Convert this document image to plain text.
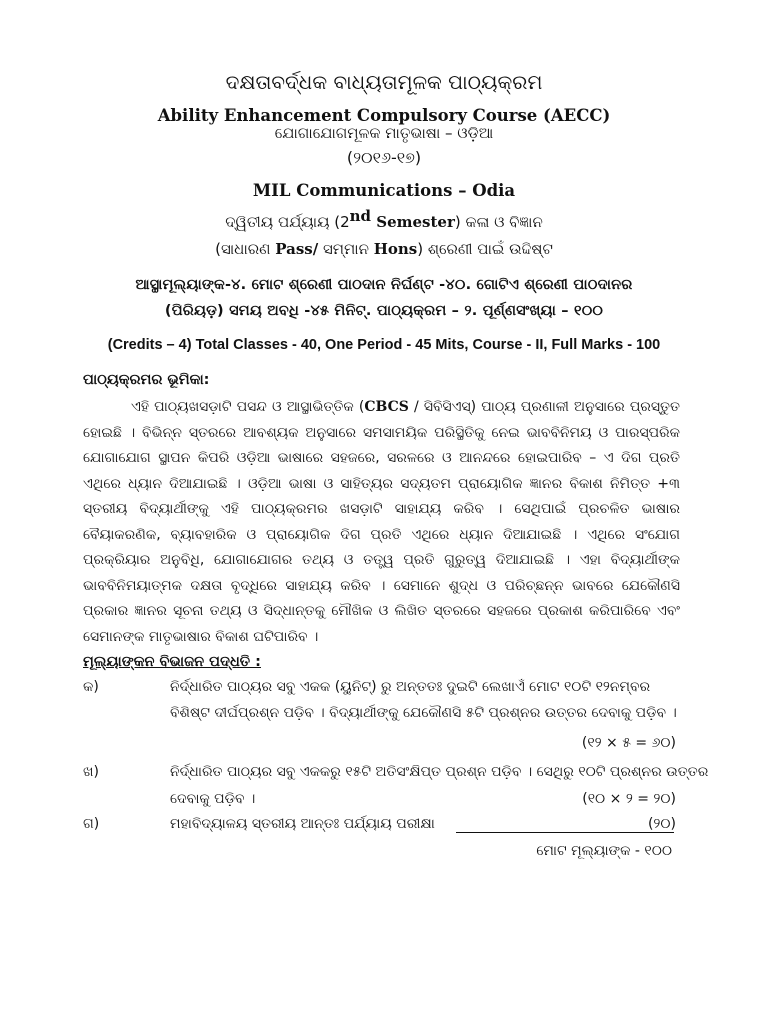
ଦକ୍ଷତାବର୍ଦ୍ଧକ ବାଧ୍ୟତାମୂଳକ ପାଠ୍ୟକ୍ରମ
Ability Enhancement Compulsory Course (AECC)
ଯୋଗାଯୋଗମୂଳକ ମାତୃଭାଷା – ଓଡ଼ିଆ
(୨୦୧୬-୧୭)
MIL Communications – Odia
ଦ୍ୱିତୀୟ ପର୍ଯ୍ୟାୟ (2nd Semester) କଳା ଓ ବିଜ୍ଞାନ
(ସାଧାରଣ Pass/ ସମ୍ମାନ Hons) ଶ୍ରେଣୀ ପାଇଁ ଉଦ୍ଦିଷ୍ଟ
ଆସ୍ଥାମୂଲ୍ୟାଙ୍କ-୪. ମୋଟ ଶ୍ରେଣୀ ପାଠଦାନ ନିର୍ଘଣ୍ଟ -୪୦. ଗୋଟିଏ ଶ୍ରେଣୀ ପାଠଦାନର
(ପିରିୟଡ଼) ସମୟ ଅବଧି -୪୫ ମିନିଟ୍. ପାଠ୍ୟକ୍ରମ – ୨. ପୂର୍ଣ୍ଣସଂଖ୍ୟା – ୧୦୦
(Credits – 4) Total Classes - 40, One Period - 45 Mits, Course - II, Full Marks - 100
ପାଠ୍ୟକ୍ରମର ଭୂମିକା:
ଏହି ପାଠ୍ୟଖସଡ଼ାଟି ପସନ୍ଦ ଓ ଆସ୍ଥାଭିତ୍ତିକ (CBCS / ସିବିସିଏସ୍) ପାଠ୍ୟ ପ୍ରଣାଳୀ ଅନୁସାରେ ପ୍ରସ୍ତୁତ ହୋଇଛି । ବିଭିନ୍ନ ସ୍ତରରେ ଆବଶ୍ୟକ ଅନୁସାରେ ସମସାମୟିକ ପରିସ୍ଥିତିକୁ ନେଇ ଭାବବିନିମୟ ଓ ପାରସ୍ପରିକ ଯୋଗାଯୋଗ ସ୍ଥାପନ କିପରି ଓଡ଼ିଆ ଭାଷାରେ ସହଜରେ, ସରଳରେ ଓ ଆନନ୍ଦରେ ହୋଇପାରିବ – ଏ ଦିଗ ପ୍ରତି ଏଥିରେ ଧ୍ୟାନ ଦିଆଯାଇଛି । ଓଡ଼ିଆ ଭାଷା ଓ ସାହିତ୍ୟର ସଦ୍ୟତମ ପ୍ରାୟୋଗିକ ଜ୍ଞାନର ବିକାଶ ନିମିତ୍ତ +୩ ସ୍ତରୀୟ ବିଦ୍ୟାର୍ଥୀଙ୍କୁ ଏହି ପାଠ୍ୟକ୍ରମର ଖସଡ଼ାଟି ସାହାଯ୍ୟ କରିବ । ସେଥିପାଇଁ ପ୍ରଚଳିତ ଭାଷାର ବୈୟାକରଣିକ, ବ୍ୟାବହାରିକ ଓ ପ୍ରାୟୋଗିକ ଦିଗ ପ୍ରତି ଏଥିରେ ଧ୍ୟାନ ଦିଆଯାଇଛି । ଏଥିରେ ସଂଯୋଗ ପ୍ରକ୍ରିୟାର ଅନୁବିଧି, ଯୋଗାଯୋଗର ତଥ୍ୟ ଓ ତତ୍ତ୍ୱ ପ୍ରତି ଗୁରୁତ୍ୱ ଦିଆଯାଇଛି । ଏହା ବିଦ୍ୟାର୍ଥୀଙ୍କ ଭାବବିନିମୟାତ୍ମକ ଦକ୍ଷତା ବୃଦ୍ଧିରେ ସାହାଯ୍ୟ କରିବ । ସେମାନେ ଶୁଦ୍ଧ ଓ ପରିଚ୍ଛନ୍ନ ଭାବରେ ଯେକୌଣସି ପ୍ରକାର ଜ୍ଞାନର ସୂଚନା ତଥ୍ୟ ଓ ସିଦ୍ଧାନ୍ତକୁ ମୌଖିକ ଓ ଲିଖିତ ସ୍ତରରେ ସହଜରେ ପ୍ରକାଶ କରିପାରିବେ ଏବଂ ସେମାନଙ୍କ ମାତୃଭାଷାର ବିକାଶ ଘଟିପାରିବ ।
ମୂଲ୍ୟାଙ୍କନ ବିଭାଜନ ପଦ୍ଧତି :
କ)	ନିର୍ଦ୍ଧାରିତ ପାଠ୍ୟର ସବୁ ଏକକ (ୟୁନିଟ୍) ରୁ ଅନ୍ତତଃ ଦୁଇଟି ଲେଖାଏଁ ମୋଟ ୧୦ଟି ୧୨ନମ୍ବର
ବିଶିଷ୍ଟ ଦୀର୍ଘପ୍ରଶ୍ନ ପଡ଼ିବ । ବିଦ୍ୟାର୍ଥୀଙ୍କୁ ଯେକୌଣସି ୫ଟି ପ୍ରଶ୍ନର ଉତ୍ତର ଦେବାକୁ ପଡ଼ିବ ।
(୧୨ × ୫ = ୬୦)
ଖ)	ନିର୍ଦ୍ଧାରିତ ପାଠ୍ୟର ସବୁ ଏକକରୁ ୧୫ଟି ଅତିସଂକ୍ଷିପ୍ତ ପ୍ରଶ୍ନ ପଡ଼ିବ । ସେଥିରୁ ୧୦ଟି ପ୍ରଶ୍ନର ଉତ୍ତର
ଦେବାକୁ ପଡ଼ିବ ।	(୧୦ × ୨ = ୨୦)
ଗ)	ମହାବିଦ୍ୟାଳୟ ସ୍ତରୀୟ ଆନ୍ତଃ ପର୍ଯ୍ୟାୟ ପରୀକ୍ଷା	(୨୦)
ମୋଟ ମୂଲ୍ୟାଙ୍କ - ୧୦୦
